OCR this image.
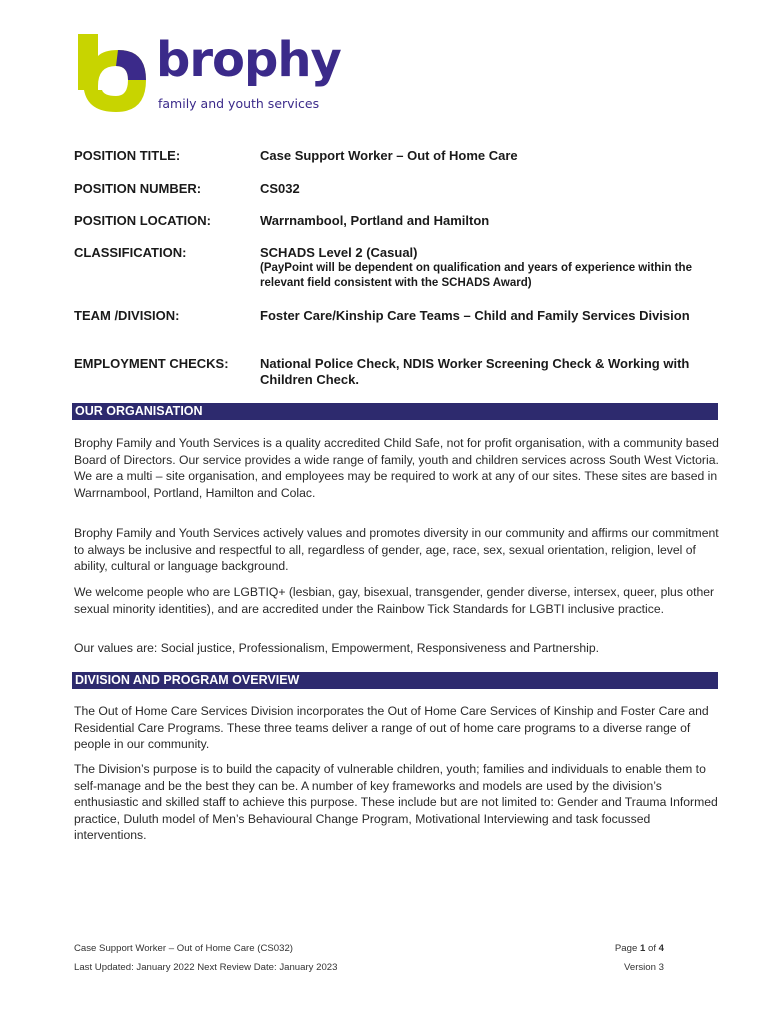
brophy
family and youth services
POSITION TITLE:	Case Support Worker – Out of Home Care
POSITION NUMBER:	CS032
POSITION LOCATION:	Warrnambool, Portland and Hamilton
CLASSIFICATION:	SCHADS Level 2 (Casual)
(PayPoint will be dependent on qualification and years of experience within the relevant field consistent with the SCHADS Award)
TEAM /DIVISION:	Foster Care/Kinship Care Teams – Child and Family Services Division
EMPLOYMENT CHECKS:	National Police Check, NDIS Worker Screening Check & Working with Children Check.
OUR ORGANISATION

Brophy Family and Youth Services is a quality accredited Child Safe, not for profit organisation, with a community based Board of Directors. Our service provides a wide range of family, youth and children services across South West Victoria. We are a multi – site organisation, and employees may be required to work at any of our sites. These sites are based in Warrnambool, Portland, Hamilton and Colac.

Brophy Family and Youth Services actively values and promotes diversity in our community and affirms our commitment to always be inclusive and respectful to all, regardless of gender, age, race, sex, sexual orientation, religion, level of ability, cultural or language background.

We welcome people who are LGBTIQ+ (lesbian, gay, bisexual, transgender, gender diverse, intersex, queer, plus other sexual minority identities), and are accredited under the Rainbow Tick Standards for LGBTI inclusive practice.

Our values are: Social justice, Professionalism, Empowerment, Responsiveness and Partnership.

DIVISION AND PROGRAM OVERVIEW

The Out of Home Care Services Division incorporates the Out of Home Care Services of Kinship and Foster Care and Residential Care Programs. These three teams deliver a range of out of home care programs to a diverse range of people in our community.

The Division’s purpose is to build the capacity of vulnerable children, youth; families and individuals to enable them to self-manage and be the best they can be. A number of key frameworks and models are used by the division’s enthusiastic and skilled staff to achieve this purpose. These include but are not limited to: Gender and Trauma Informed practice, Duluth model of Men’s Behavioural Change Program, Motivational Interviewing and task focussed interventions.

Case Support Worker – Out of Home Care (CS032)	Page 1 of 4
Last Updated: January 2022 Next Review Date: January 2023	Version 3
